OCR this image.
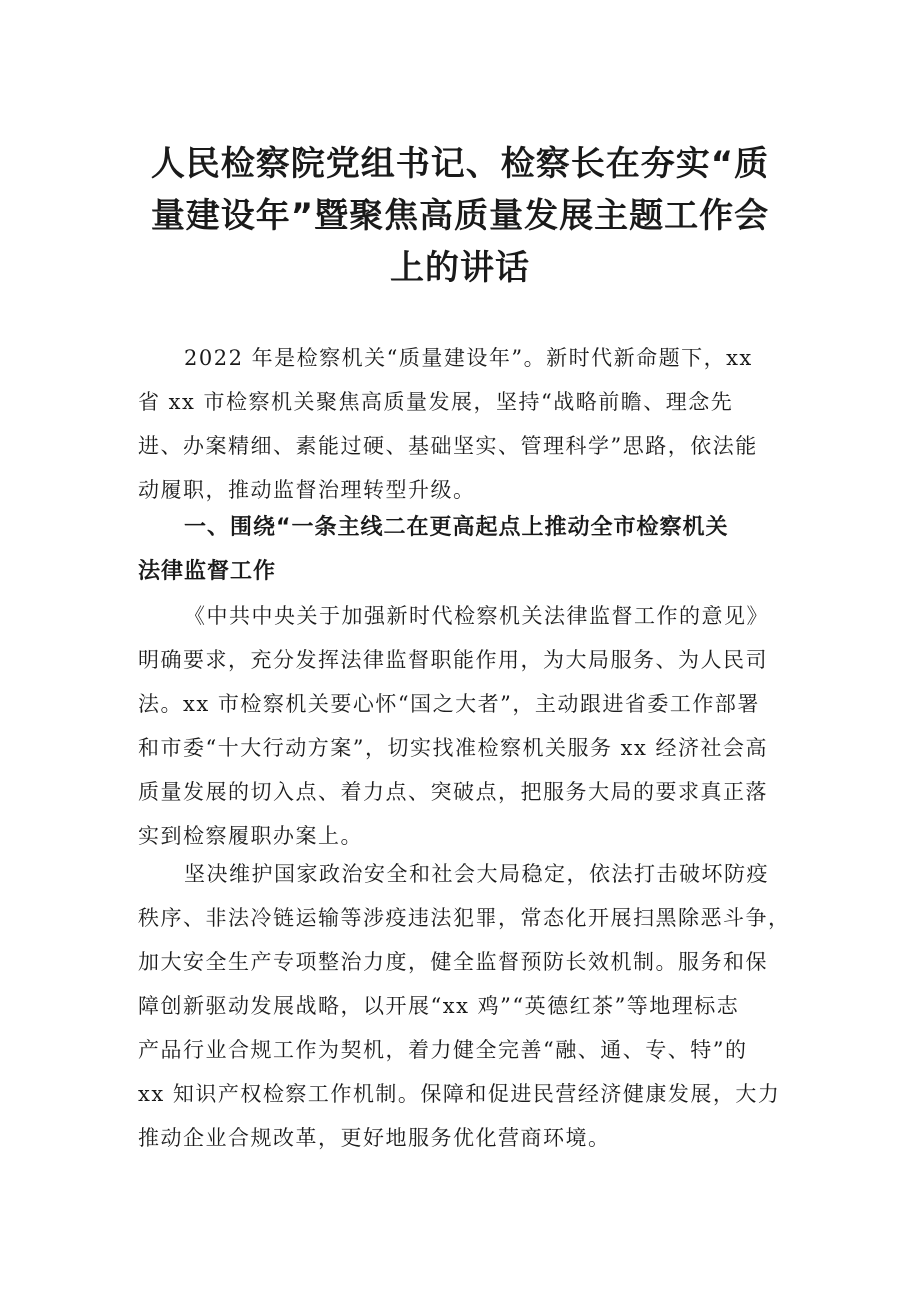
人民检察院党组书记、检察长在夯实“质
量建设年”暨聚焦高质量发展主题工作会
上的讲话

2022 年是检察机关“质量建设年”。新时代新命题下，xx
省 xx 市检察机关聚焦高质量发展，坚持“战略前瞻、理念先
进、办案精细、素能过硬、基础坚实、管理科学”思路，依法能
动履职，推动监督治理转型升级。

一、围绕“一条主线二在更高起点上推动全市检察机关
法律监督工作

《中共中央关于加强新时代检察机关法律监督工作的意见》
明确要求，充分发挥法律监督职能作用，为大局服务、为人民司
法。xx 市检察机关要心怀“国之大者”，主动跟进省委工作部署
和市委“十大行动方案”，切实找准检察机关服务 xx 经济社会高
质量发展的切入点、着力点、突破点，把服务大局的要求真正落
实到检察履职办案上。

坚决维护国家政治安全和社会大局稳定，依法打击破坏防疫
秩序、非法冷链运输等涉疫违法犯罪，常态化开展扫黑除恶斗争，
加大安全生产专项整治力度，健全监督预防长效机制。服务和保
障创新驱动发展战略，以开展“xx 鸡”“英德红茶”等地理标志
产品行业合规工作为契机，着力健全完善“融、通、专、特”的
xx 知识产权检察工作机制。保障和促进民营经济健康发展，大力
推动企业合规改革，更好地服务优化营商环境。
